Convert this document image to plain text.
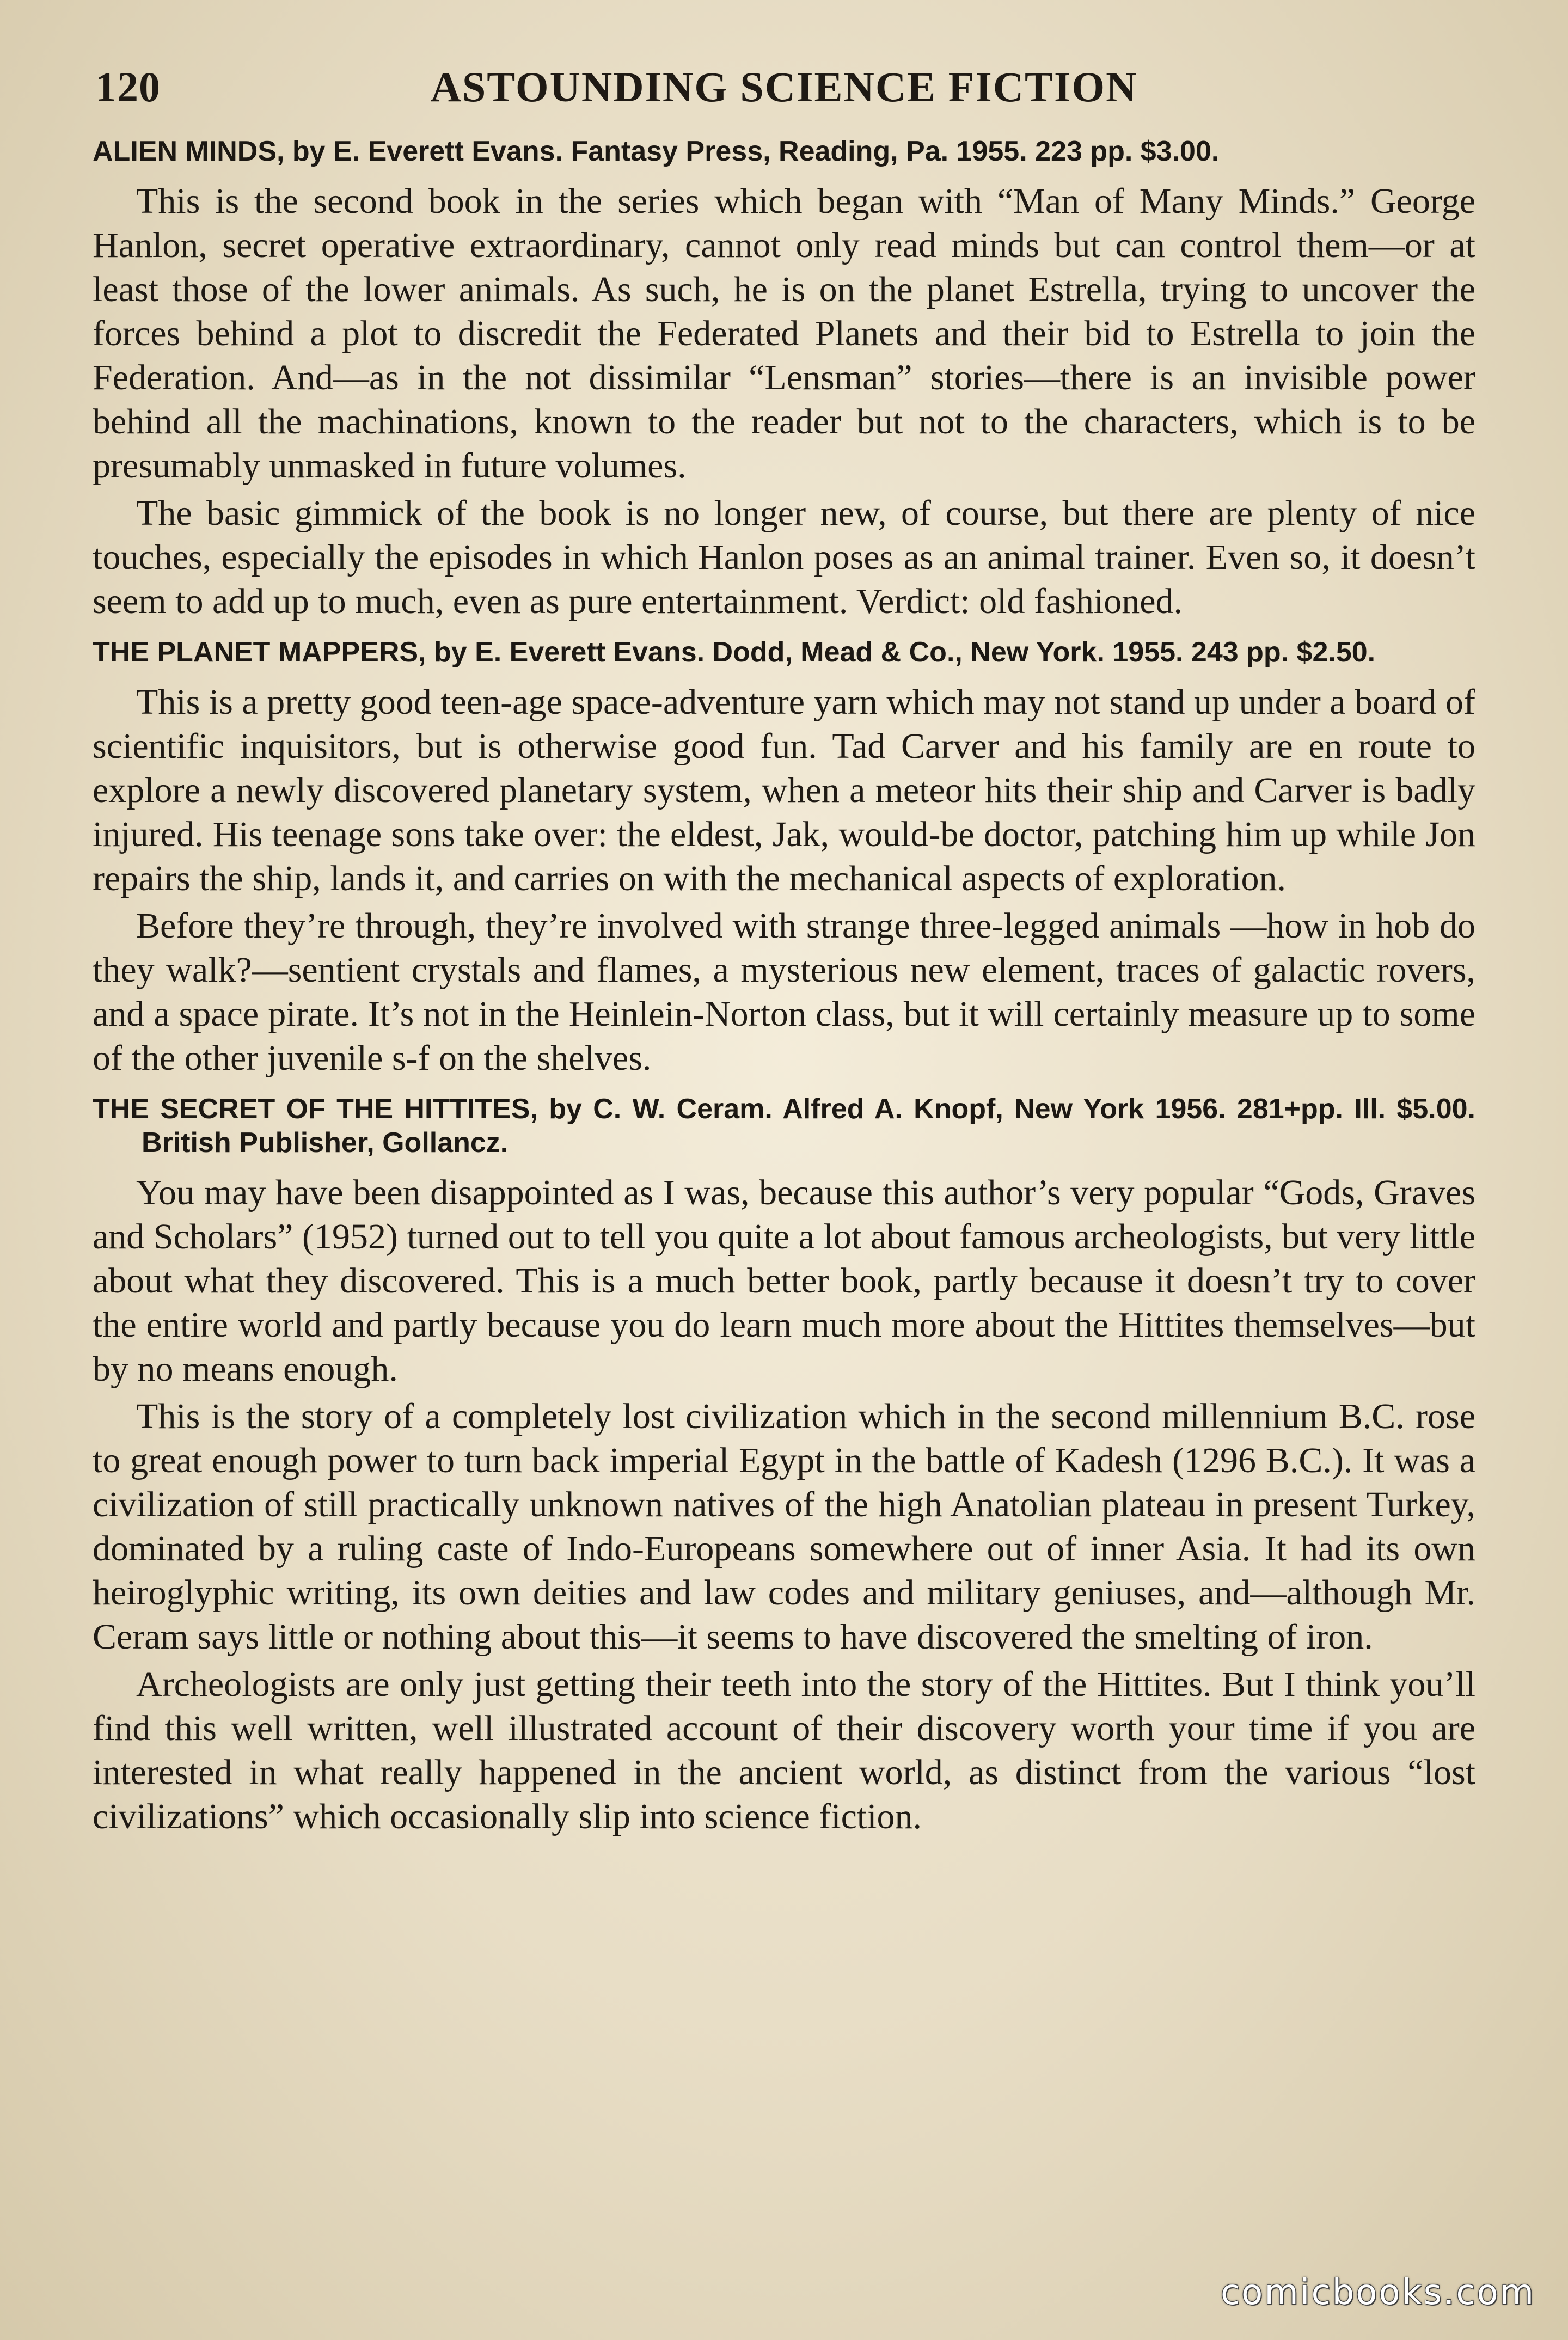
120	ASTOUNDING SCIENCE FICTION
ALIEN MINDS, by E. Everett Evans. Fantasy Press, Reading, Pa. 1955. 223 pp. $3.00.

This is the second book in the series which began with “Man of Many Minds.” George Hanlon, secret operative extraordinary, cannot only read minds but can control them—or at least those of the lower animals. As such, he is on the planet Estrella, trying to uncover the forces behind a plot to discredit the Federated Planets and their bid to Estrella to join the Federation. And—as in the not dissimilar “Lensman” stories—there is an invisible power behind all the machinations, known to the reader but not to the characters, which is to be presumably unmasked in future volumes.

The basic gimmick of the book is no longer new, of course, but there are plenty of nice touches, especially the episodes in which Hanlon poses as an animal trainer. Even so, it doesn’t seem to add up to much, even as pure entertainment. Verdict: old fashioned.

THE PLANET MAPPERS, by E. Everett Evans. Dodd, Mead & Co., New York. 1955. 243 pp. $2.50.

This is a pretty good teen-age space-adventure yarn which may not stand up under a board of scientific inquisitors, but is otherwise good fun. Tad Carver and his family are en route to explore a newly discovered planetary system, when a meteor hits their ship and Carver is badly injured. His teenage sons take over: the eldest, Jak, would-be doctor, patching him up while Jon repairs the ship, lands it, and carries on with the mechanical aspects of exploration.

Before they’re through, they’re involved with strange three-legged animals —how in hob do they walk?—sentient crystals and flames, a mysterious new element, traces of galactic rovers, and a space pirate. It’s not in the Heinlein-Norton class, but it will certainly measure up to some of the other juvenile s-f on the shelves.

THE SECRET OF THE HITTITES, by C. W. Ceram. Alfred A. Knopf, New York 1956. 281+pp. Ill. $5.00. British Publisher, Gollancz.

You may have been disappointed as I was, because this author’s very popular “Gods, Graves and Scholars” (1952) turned out to tell you quite a lot about famous archeologists, but very little about what they discovered. This is a much better book, partly because it doesn’t try to cover the entire world and partly because you do learn much more about the Hittites themselves—but by no means enough.

This is the story of a completely lost civilization which in the second millennium B.C. rose to great enough power to turn back imperial Egypt in the battle of Kadesh (1296 B.C.). It was a civilization of still practically unknown natives of the high Anatolian plateau in present Turkey, dominated by a ruling caste of Indo-Europeans somewhere out of inner Asia. It had its own heiroglyphic writing, its own deities and law codes and military geniuses, and—although Mr. Ceram says little or nothing about this—it seems to have discovered the smelting of iron.

Archeologists are only just getting their teeth into the story of the Hittites. But I think you’ll find this well written, well illustrated account of their discovery worth your time if you are interested in what really happened in the ancient world, as distinct from the various “lost civilizations” which occasionally slip into science fiction.

comicbooks.com
